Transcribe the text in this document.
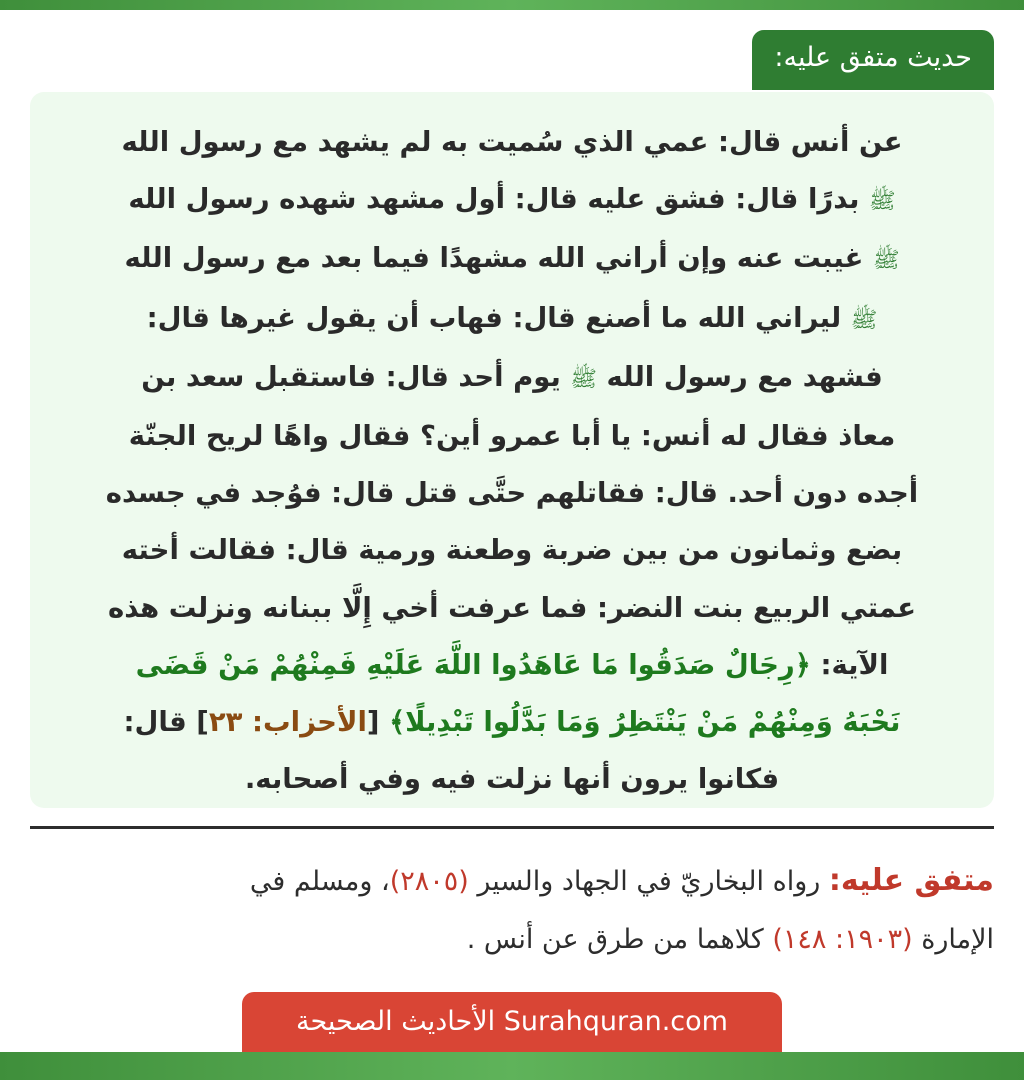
حديث متفق عليه:

عن أنس قال: عمي الذي سُميت به لم يشهد مع رسول الله
ﷺ بدرًا قال: فشق عليه قال: أول مشهد شهده رسول الله
ﷺ غيبت عنه وإن أراني الله مشهدًا فيما بعد مع رسول الله
ﷺ ليراني الله ما أصنع قال: فهاب أن يقول غيرها قال:
فشهد مع رسول الله ﷺ يوم أحد قال: فاستقبل سعد بن
معاذ فقال له أنس: يا أبا عمرو أين؟ فقال واهًا لريح الجنّة
أجده دون أحد. قال: فقاتلهم حتَّى قتل قال: فوُجد في جسده
بضع وثمانون من بين ضربة وطعنة ورمية قال: فقالت أخته
عمتي الربيع بنت النضر: فما عرفت أخي إِلَّا ببنانه ونزلت هذه
الآية: ﴿رِجَالٌ صَدَقُوا مَا عَاهَدُوا اللَّهَ عَلَيْهِ فَمِنْهُمْ مَنْ قَضَى
نَحْبَهُ وَمِنْهُمْ مَنْ يَنْتَظِرُ وَمَا بَدَّلُوا تَبْدِيلًا﴾ [الأحزاب: ٢٣] قال:
فكانوا يرون أنها نزلت فيه وفي أصحابه.

متفق عليه: رواه البخاريّ في الجهاد والسير (٢٨٠٥)، ومسلم في
الإمارة (١٩٠٣: ١٤٨) كلاهما من طرق عن أنس .
Surahquran.com الأحاديث الصحيحة
